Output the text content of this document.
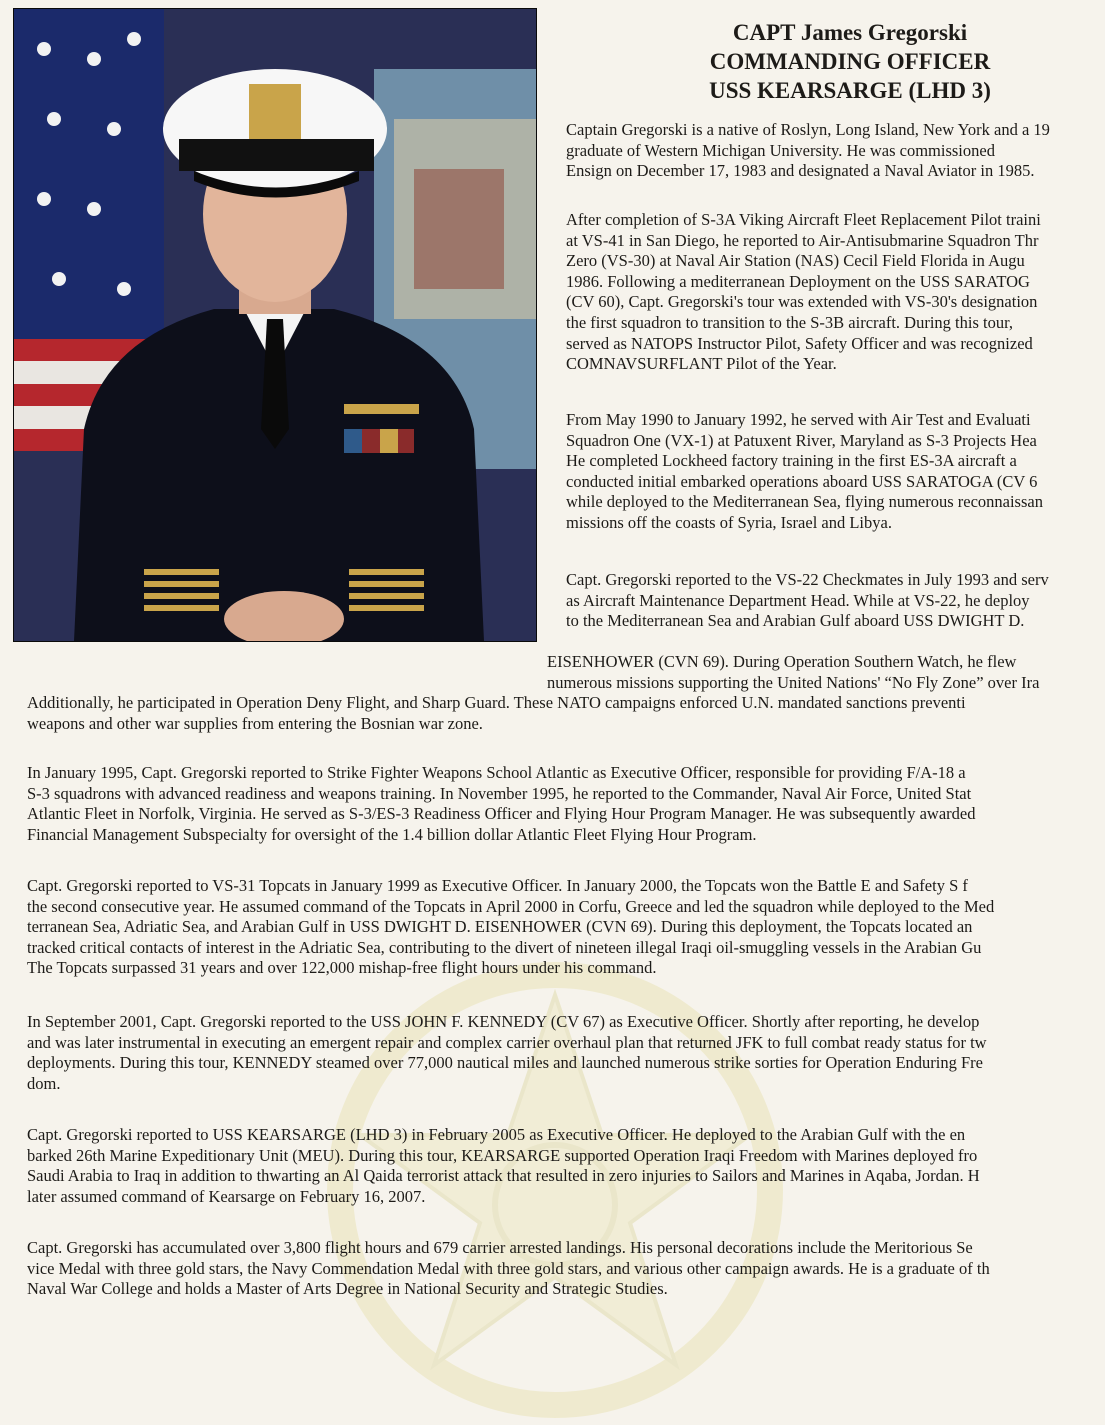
CAPT James Gregorski
COMMANDING OFFICER
USS KEARSARGE (LHD 3)
Captain Gregorski is a native of Roslyn, Long Island, New York and a 19
graduate of Western Michigan University. He was commissioned
Ensign on December 17, 1983 and designated a Naval Aviator in 1985.
After completion of S-3A Viking Aircraft Fleet Replacement Pilot traini
at VS-41 in San Diego, he reported to Air-Antisubmarine Squadron Thr
Zero (VS-30) at Naval Air Station (NAS) Cecil Field Florida in Augu
1986. Following a mediterranean Deployment on the USS SARATOG
(CV 60), Capt. Gregorski's tour was extended with VS-30's designation
the first squadron to transition to the S-3B aircraft. During this tour,
served as NATOPS Instructor Pilot, Safety Officer and was recognized
COMNAVSURFLANT Pilot of the Year.
From May 1990 to January 1992, he served with Air Test and Evaluati
Squadron One (VX-1) at Patuxent River, Maryland as S-3 Projects Hea
He completed Lockheed factory training in the first ES-3A aircraft a
conducted initial embarked operations aboard USS SARATOGA (CV 6
while deployed to the Mediterranean Sea, flying numerous reconnaissan
missions off the coasts of Syria, Israel and Libya.
Capt. Gregorski reported to the VS-22 Checkmates in July 1993 and serv
as Aircraft Maintenance Department Head. While at VS-22, he deploy
to the Mediterranean Sea and Arabian Gulf aboard USS DWIGHT D.
EISENHOWER (CVN 69). During Operation Southern Watch, he flew
numerous missions supporting the United Nations' “No Fly Zone” over Ira
Additionally, he participated in Operation Deny Flight, and Sharp Guard. These NATO campaigns enforced U.N. mandated sanctions preventi
weapons and other war supplies from entering the Bosnian war zone.
In January 1995, Capt. Gregorski reported to Strike Fighter Weapons School Atlantic as Executive Officer, responsible for providing F/A-18 a
S-3 squadrons with advanced readiness and weapons training. In November 1995, he reported to the Commander, Naval Air Force, United Stat
Atlantic Fleet in Norfolk, Virginia. He served as S-3/ES-3 Readiness Officer and Flying Hour Program Manager. He was subsequently awarded
Financial Management Subspecialty for oversight of the 1.4 billion dollar Atlantic Fleet Flying Hour Program.
Capt. Gregorski reported to VS-31 Topcats in January 1999 as Executive Officer. In January 2000, the Topcats won the Battle E and Safety S f
the second consecutive year. He assumed command of the Topcats in April 2000 in Corfu, Greece and led the squadron while deployed to the Med
terranean Sea, Adriatic Sea, and Arabian Gulf in USS DWIGHT D. EISENHOWER (CVN 69). During this deployment, the Topcats located an
tracked critical contacts of interest in the Adriatic Sea, contributing to the divert of nineteen illegal Iraqi oil-smuggling vessels in the Arabian Gu
The Topcats surpassed 31 years and over 122,000 mishap-free flight hours under his command.
In September 2001, Capt. Gregorski reported to the USS JOHN F. KENNEDY (CV 67) as Executive Officer. Shortly after reporting, he develop
and was later instrumental in executing an emergent repair and complex carrier overhaul plan that returned JFK to full combat ready status for tw
deployments. During this tour, KENNEDY steamed over 77,000 nautical miles and launched numerous strike sorties for Operation Enduring Fre
dom.
Capt. Gregorski reported to USS KEARSARGE (LHD 3) in February 2005 as Executive Officer. He deployed to the Arabian Gulf with the en
barked 26th Marine Expeditionary Unit (MEU). During this tour, KEARSARGE supported Operation Iraqi Freedom with Marines deployed fro
Saudi Arabia to Iraq in addition to thwarting an Al Qaida terrorist attack that resulted in zero injuries to Sailors and Marines in Aqaba, Jordan. H
later assumed command of Kearsarge on February 16, 2007.
Capt. Gregorski has accumulated over 3,800 flight hours and 679 carrier arrested landings. His personal decorations include the Meritorious Se
vice Medal with three gold stars, the Navy Commendation Medal with three gold stars, and various other campaign awards. He is a graduate of th
Naval War College and holds a Master of Arts Degree in National Security and Strategic Studies.
